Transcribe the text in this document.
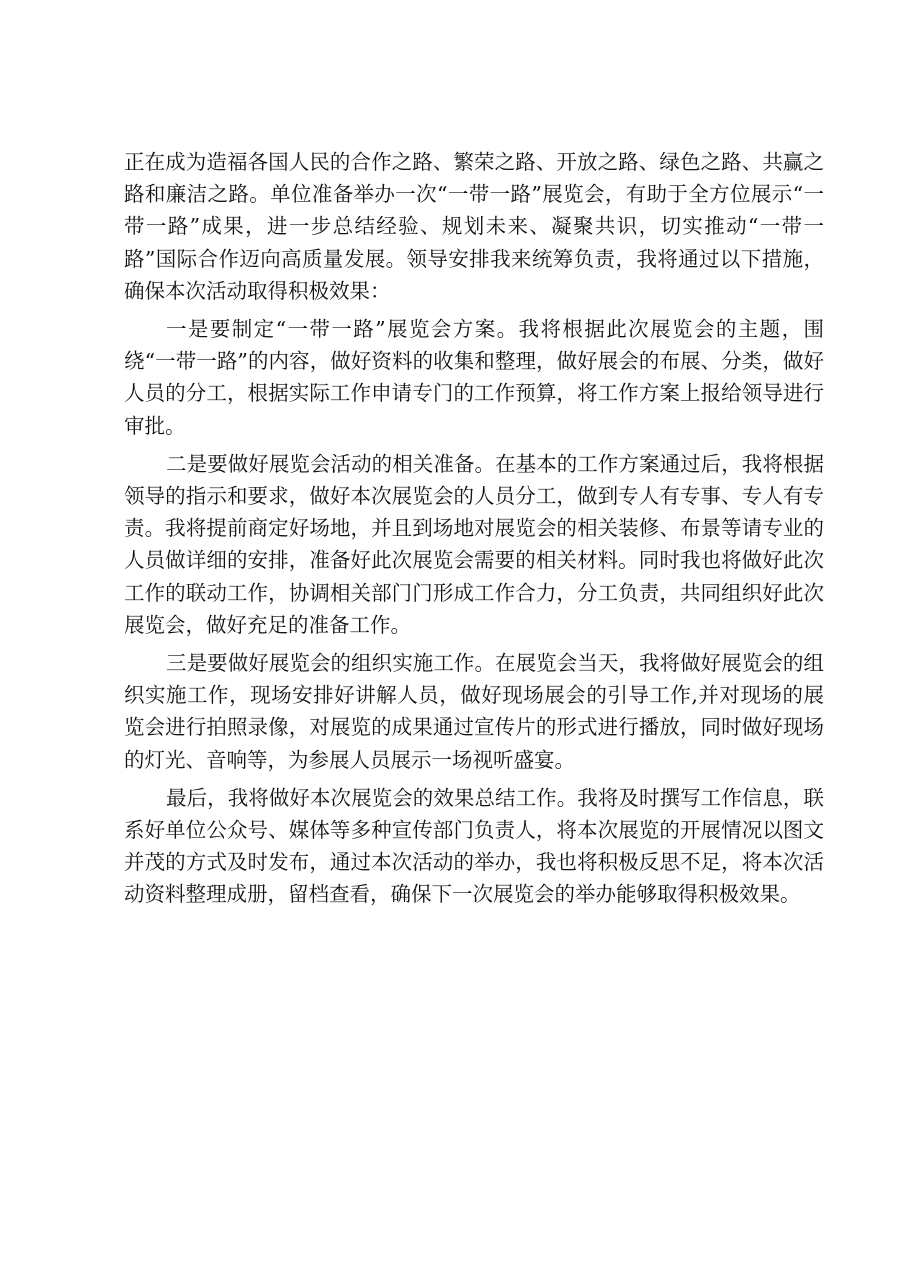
正在成为造福各国人民的合作之路、繁荣之路、开放之路、绿色之路、共赢之路和廉洁之路。单位准备举办一次“一带一路”展览会，有助于全方位展示“一带一路”成果，进一步总结经验、规划未来、凝聚共识，切实推动“一带一路”国际合作迈向高质量发展。领导安排我来统筹负责，我将通过以下措施，确保本次活动取得积极效果：

一是要制定“一带一路”展览会方案。我将根据此次展览会的主题，围绕“一带一路”的内容，做好资料的收集和整理，做好展会的布展、分类，做好人员的分工，根据实际工作申请专门的工作预算，将工作方案上报给领导进行审批。

二是要做好展览会活动的相关准备。在基本的工作方案通过后，我将根据领导的指示和要求，做好本次展览会的人员分工，做到专人有专事、专人有专责。我将提前商定好场地，并且到场地对展览会的相关装修、布景等请专业的人员做详细的安排，准备好此次展览会需要的相关材料。同时我也将做好此次工作的联动工作，协调相关部门门形成工作合力，分工负责，共同组织好此次展览会，做好充足的准备工作。

三是要做好展览会的组织实施工作。在展览会当天，我将做好展览会的组织实施工作，现场安排好讲解人员，做好现场展会的引导工作,并对现场的展览会进行拍照录像，对展览的成果通过宣传片的形式进行播放，同时做好现场的灯光、音响等，为参展人员展示一场视听盛宴。

最后，我将做好本次展览会的效果总结工作。我将及时撰写工作信息，联系好单位公众号、媒体等多种宣传部门负责人，将本次展览的开展情况以图文并茂的方式及时发布，通过本次活动的举办，我也将积极反思不足，将本次活动资料整理成册，留档查看，确保下一次展览会的举办能够取得积极效果。
